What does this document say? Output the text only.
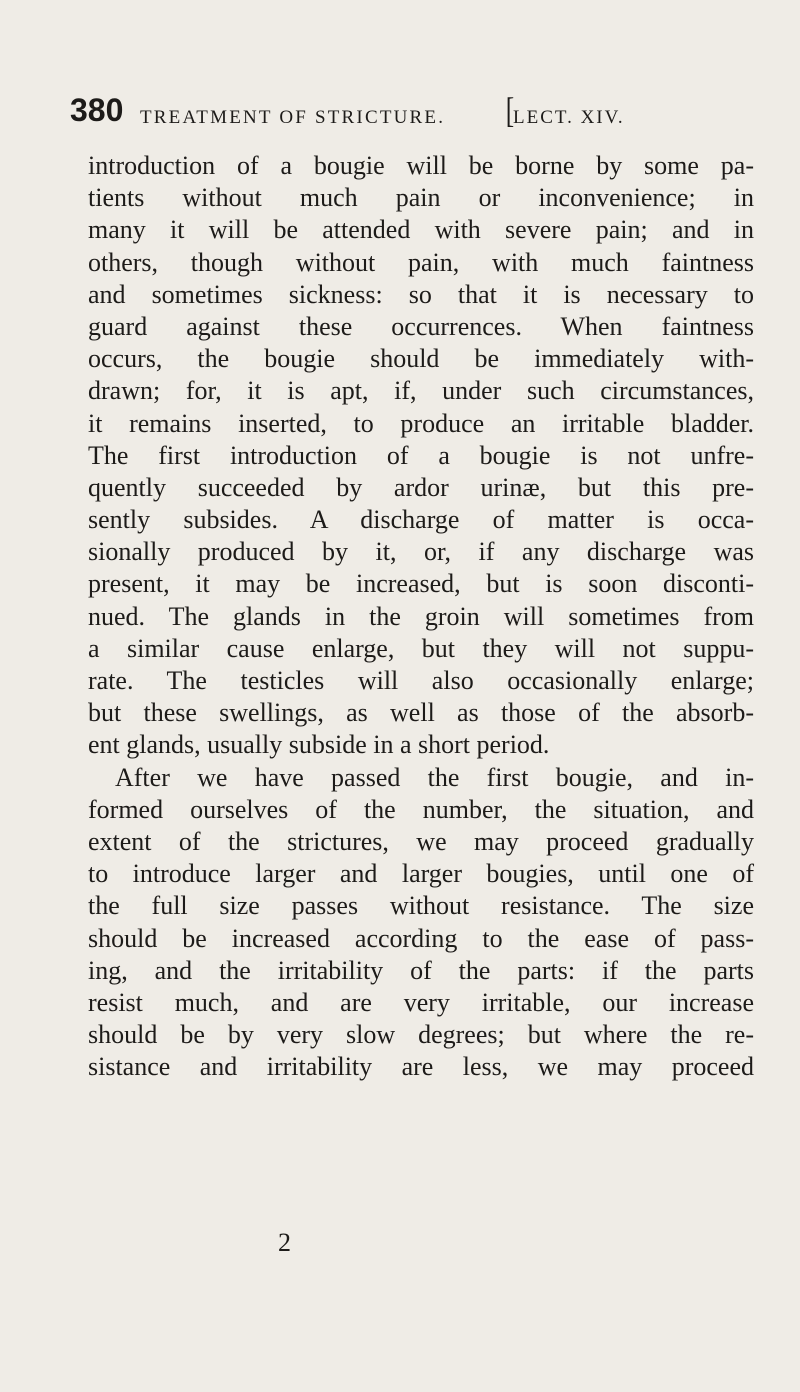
380 TREATMENT OF STRICTURE. [LECT. XIV.
introduction of a bougie will be borne by some pa-
tients without much pain or inconvenience; in
many it will be attended with severe pain; and in
others, though without pain, with much faintness
and sometimes sickness: so that it is necessary to
guard against these occurrences. When faintness
occurs, the bougie should be immediately with-
drawn; for, it is apt, if, under such circumstances,
it remains inserted, to produce an irritable bladder.
The first introduction of a bougie is not unfre-
quently succeeded by ardor urinæ, but this pre-
sently subsides. A discharge of matter is occa-
sionally produced by it, or, if any discharge was
present, it may be increased, but is soon disconti-
nued. The glands in the groin will sometimes from
a similar cause enlarge, but they will not suppu-
rate. The testicles will also occasionally enlarge;
but these swellings, as well as those of the absorb-
ent glands, usually subside in a short period.
After we have passed the first bougie, and in-
formed ourselves of the number, the situation, and
extent of the strictures, we may proceed gradually
to introduce larger and larger bougies, until one of
the full size passes without resistance. The size
should be increased according to the ease of pass-
ing, and the irritability of the parts: if the parts
resist much, and are very irritable, our increase
should be by very slow degrees; but where the re-
sistance and irritability are less, we may proceed
2
